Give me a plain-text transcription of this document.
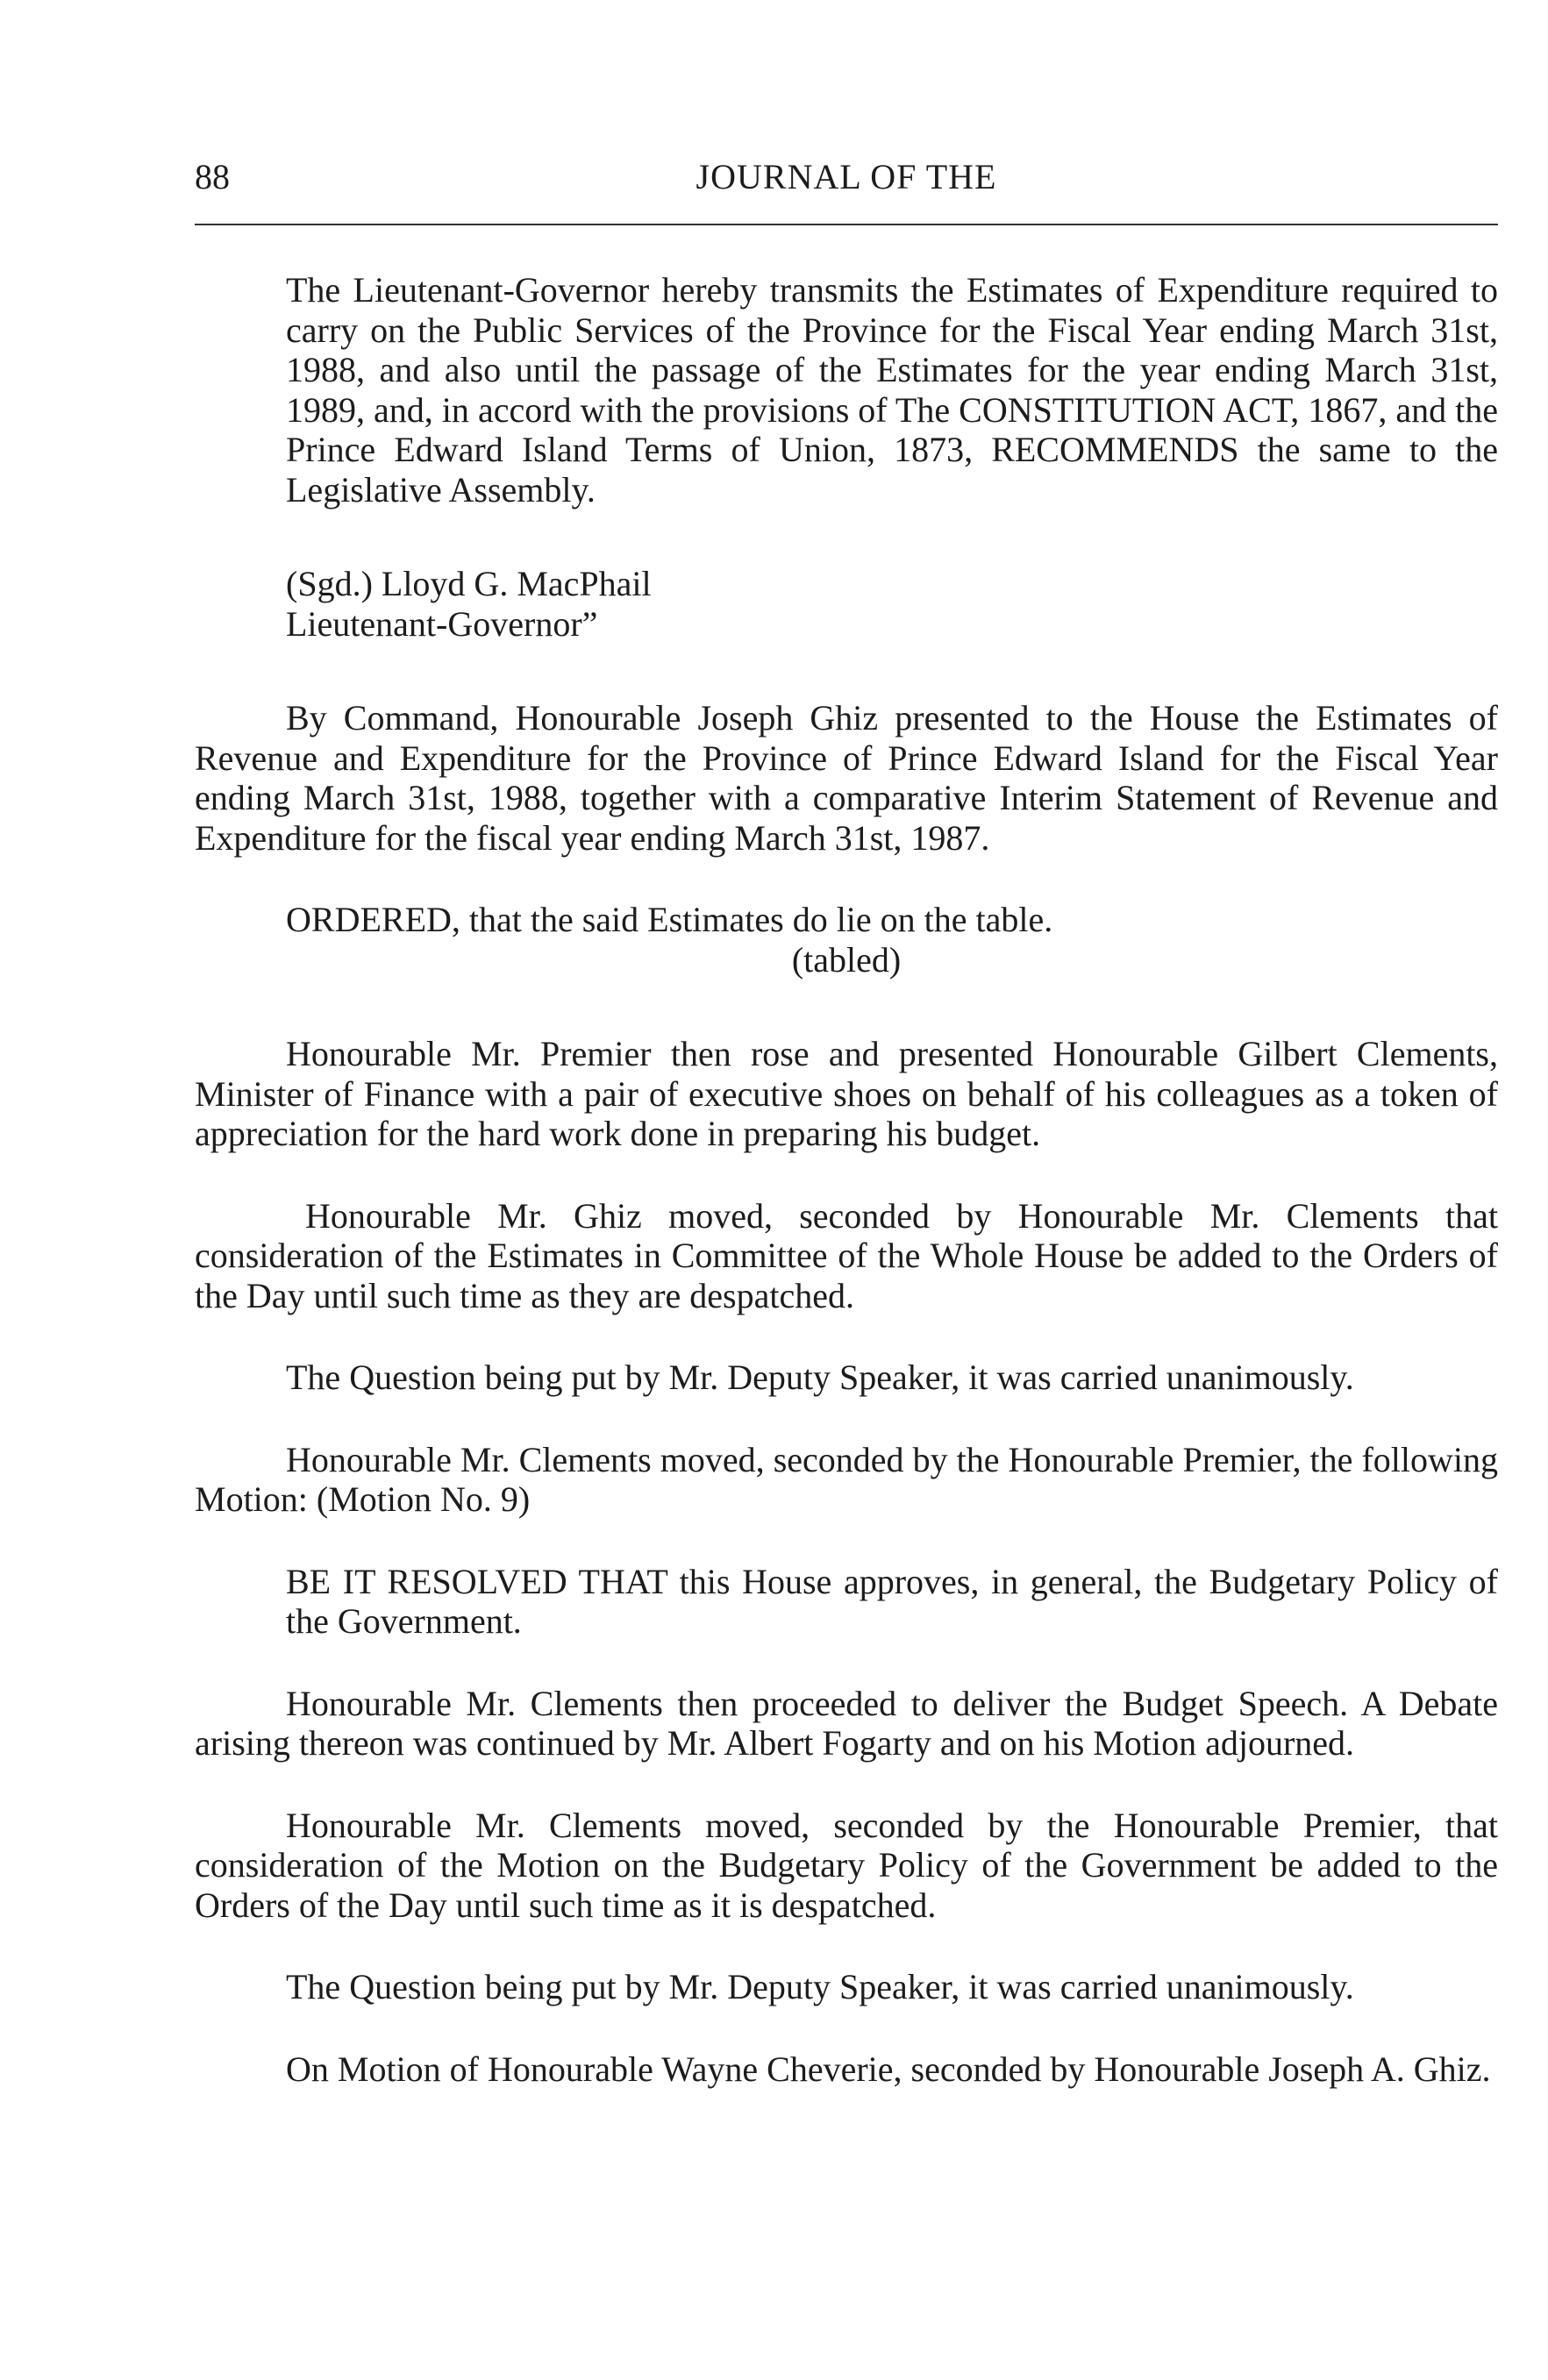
88	JOURNAL OF THE

The Lieutenant-Governor hereby transmits the Estimates of Expenditure required to carry on the Public Services of the Province for the Fiscal Year ending March 31st, 1988, and also until the passage of the Estimates for the year ending March 31st, 1989, and, in accord with the provisions of The CONSTITUTION ACT, 1867, and the Prince Edward Island Terms of Union, 1873, RECOMMENDS the same to the Legislative Assembly.

(Sgd.) Lloyd G. MacPhail

Lieutenant-Governor”

By Command, Honourable Joseph Ghiz presented to the House the Estimates of Revenue and Expenditure for the Province of Prince Edward Island for the Fiscal Year ending March 31st, 1988, together with a comparative Interim Statement of Revenue and Expenditure for the fiscal year ending March 31st, 1987.

ORDERED, that the said Estimates do lie on the table.

(tabled)

Honourable Mr. Premier then rose and presented Honourable Gilbert Clements, Minister of Finance with a pair of executive shoes on behalf of his colleagues as a token of appreciation for the hard work done in preparing his budget.

Honourable Mr. Ghiz moved, seconded by Honourable Mr. Clements that consideration of the Estimates in Committee of the Whole House be added to the Orders of the Day until such time as they are despatched.

The Question being put by Mr. Deputy Speaker, it was carried unanimously.

Honourable Mr. Clements moved, seconded by the Honourable Premier, the following Motion: (Motion No. 9)

BE IT RESOLVED THAT this House approves, in general, the Budgetary Policy of the Government.

Honourable Mr. Clements then proceeded to deliver the Budget Speech. A Debate arising thereon was continued by Mr. Albert Fogarty and on his Motion adjourned.

Honourable Mr. Clements moved, seconded by the Honourable Premier, that consideration of the Motion on the Budgetary Policy of the Government be added to the Orders of the Day until such time as it is despatched.

The Question being put by Mr. Deputy Speaker, it was carried unanimously.

On Motion of Honourable Wayne Cheverie, seconded by Honourable Joseph A. Ghiz.
